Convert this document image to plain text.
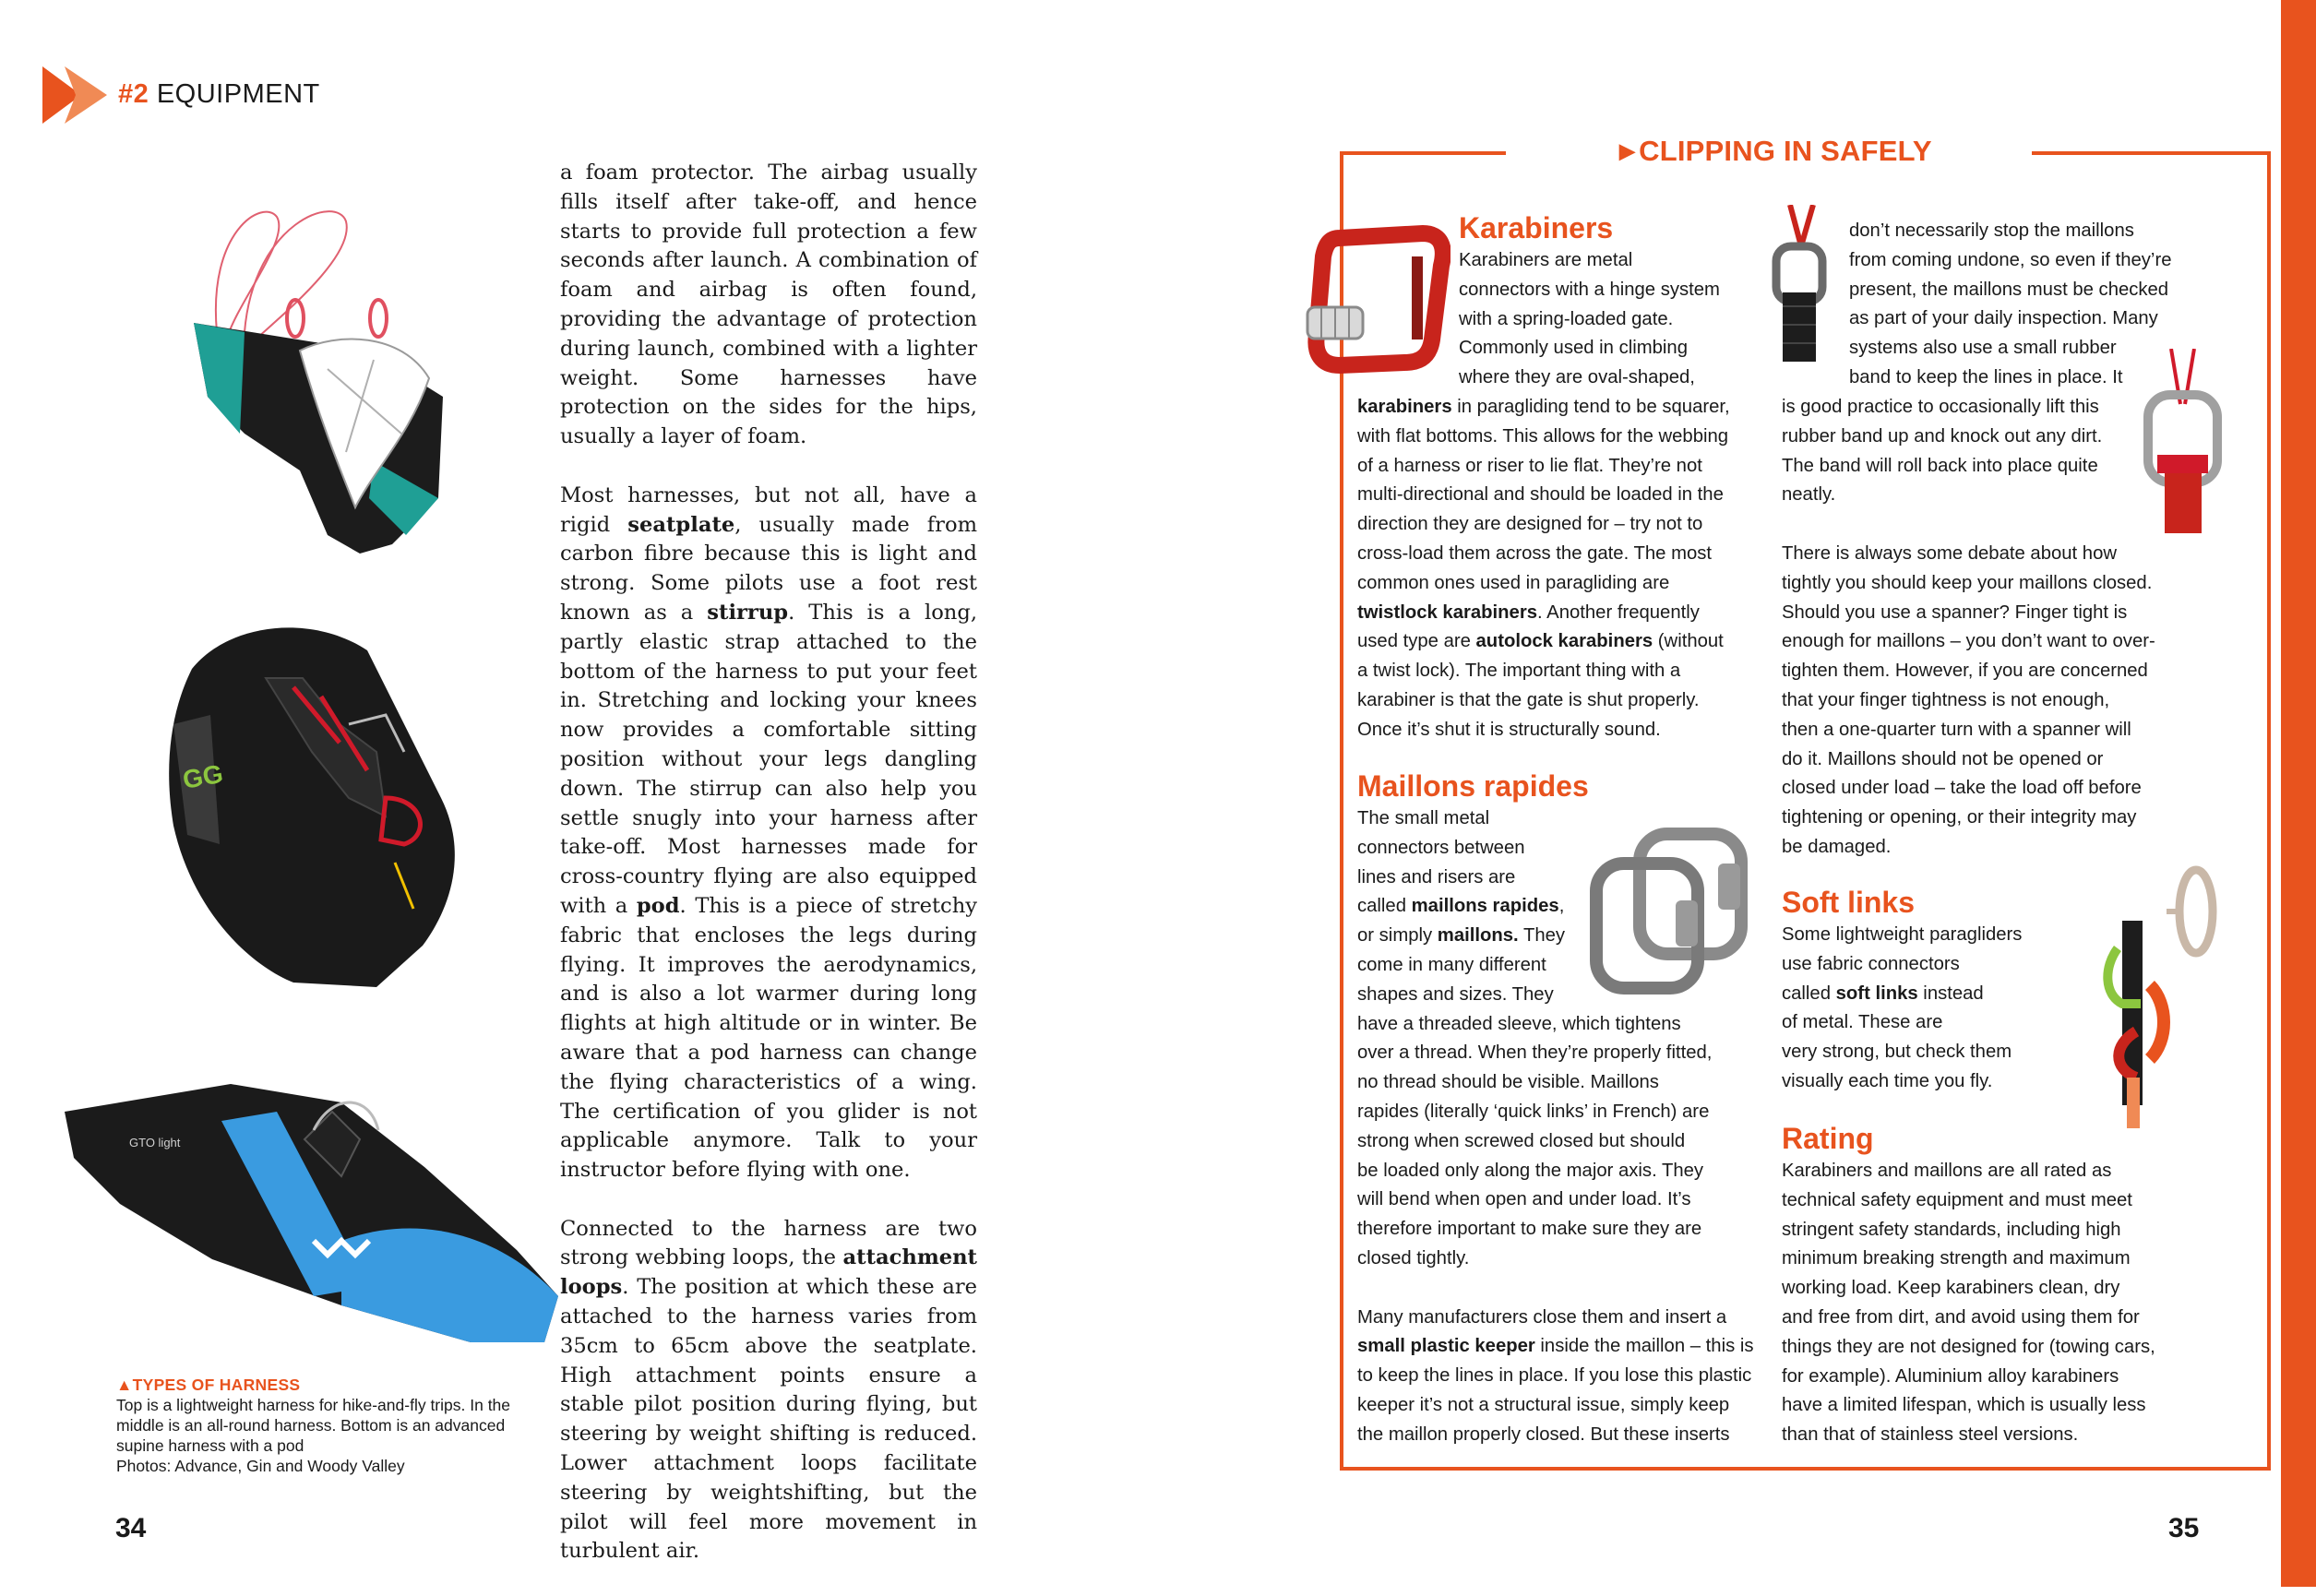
#2 EQUIPMENT
GG
GTO light
▲TYPES OF HARNESS

Top is a lightweight harness for hike-and-fly trips. In the

middle is an all-round harness. Bottom is an advanced

supine harness with a pod

Photos: Advance, Gin and Woody Valley

a foam protector. The airbag usually fills itself after take-off, and hence starts to provide full protection a few seconds after launch. A combination of foam and airbag is often found, providing the advantage of protection during launch, combined with a lighter weight. Some harnesses have protection on the sides for the hips, usually a layer of foam.

Most harnesses, but not all, have a rigid seatplate, usually made from carbon fibre because this is light and strong. Some pilots use a foot rest known as a stirrup. This is a long, partly elastic strap attached to the bottom of the harness to put your feet in. Stretching and locking your knees now provides a comfortable sitting position without your legs dangling down. The stirrup can also help you settle snugly into your harness after take-off. Most harnesses made for cross-country flying are also equipped with a pod. This is a piece of stretchy fabric that encloses the legs during flying. It improves the aerodynamics, and is also a lot warmer during long flights at high altitude or in winter. Be aware that a pod harness can change the flying characteristics of a wing. The certification of you glider is not applicable anymore. Talk to your instructor before flying with one.

Connected to the harness are two strong webbing loops, the attachment loops. The position at which these are attached to the harness varies from 35cm to 65cm above the seatplate. High attachment points ensure a stable pilot position during flying, but steering by weight shifting is reduced. Lower attachment loops facilitate steering by weightshifting, but the pilot will feel more movement in turbulent air.

34
▶ CLIPPING IN SAFELY
Karabiners
Karabiners are metal
connectors with a hinge system
with a spring-loaded gate.
Commonly used in climbing
where they are oval-shaped,
karabiners in paragliding tend to be squarer,
with flat bottoms. This allows for the webbing
of a harness or riser to lie flat. They’re not
multi-directional and should be loaded in the
direction they are designed for – try not to
cross-load them across the gate. The most
common ones used in paragliding are
twistlock karabiners. Another frequently
used type are autolock karabiners (without
a twist lock). The important thing with a
karabiner is that the gate is shut properly.
Once it’s shut it is structurally sound.
Maillons rapides
The small metal
connectors between
lines and risers are
called maillons rapides,
or simply maillons. They
come in many different
shapes and sizes. They
have a threaded sleeve, which tightens
over a thread. When they’re properly fitted,
no thread should be visible. Maillons
rapides (literally ‘quick links’ in French) are
strong when screwed closed but should
be loaded only along the major axis. They
will bend when open and under load. It’s
therefore important to make sure they are
closed tightly.

Many manufacturers close them and insert a
small plastic keeper inside the maillon – this is
to keep the lines in place. If you lose this plastic
keeper it’s not a structural issue, simply keep
the maillon properly closed. But these inserts
don’t necessarily stop the maillons
from coming undone, so even if they’re
present, the maillons must be checked
as part of your daily inspection. Many
systems also use a small rubber
band to keep the lines in place. It
is good practice to occasionally lift this
rubber band up and knock out any dirt.
The band will roll back into place quite
neatly.

There is always some debate about how
tightly you should keep your maillons closed.
Should you use a spanner? Finger tight is
enough for maillons – you don’t want to over-
tighten them. However, if you are concerned
that your finger tightness is not enough,
then a one-quarter turn with a spanner will
do it. Maillons should not be opened or
closed under load – take the load off before
tightening or opening, or their integrity may
be damaged.
Soft links
Some lightweight paragliders
use fabric connectors
called soft links instead
of metal. These are
very strong, but check them
visually each time you fly.
Rating
Karabiners and maillons are all rated as
technical safety equipment and must meet
stringent safety standards, including high
minimum breaking strength and maximum
working load. Keep karabiners clean, dry
and free from dirt, and avoid using them for
things they are not designed for (towing cars,
for example). Aluminium alloy karabiners
have a limited lifespan, which is usually less
than that of stainless steel versions.
35
